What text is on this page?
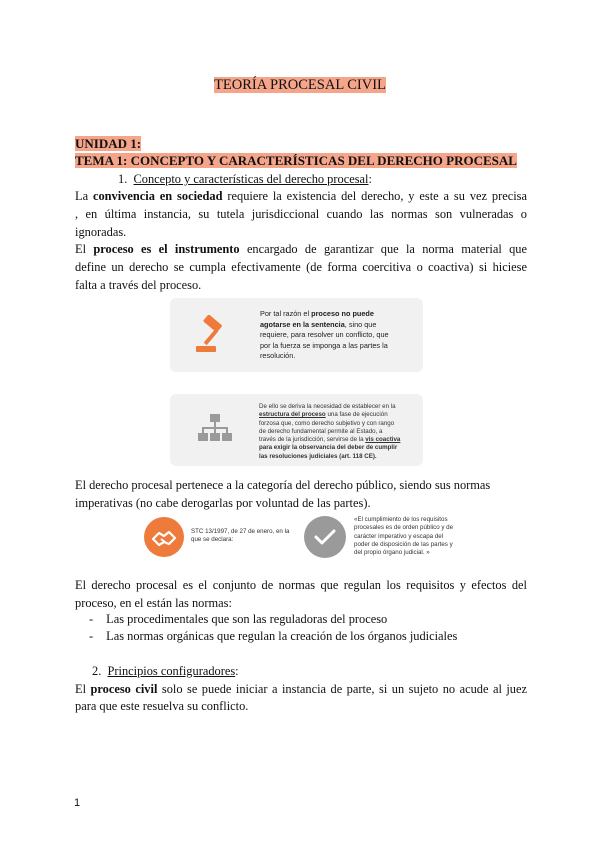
TEORÍA PROCESAL CIVIL
UNIDAD 1:
TEMA 1: CONCEPTO Y CARACTERÍSTICAS DEL DERECHO PROCESAL
1. Concepto y características del derecho procesal:
La convivencia en sociedad requiere la existencia del derecho, y este a su vez precisa
, en última instancia, su tutela jurisdiccional cuando las normas son vulneradas o
ignoradas.
El proceso es el instrumento encargado de garantizar que la norma material que
define un derecho se cumpla efectivamente (de forma coercitiva o coactiva) si hiciese
falta a través del proceso.
Por tal razón el proceso no puede
agotarse en la sentencia, sino que
requiere, para resolver un conflicto, que
por la fuerza se imponga a las partes la
resolución.
De ello se deriva la necesidad de establecer en la
estructura del proceso una fase de ejecución
forzosa que, como derecho subjetivo y con rango
de derecho fundamental permite al Estado, a
través de la jurisdicción, servirse de la vis coactiva
para exigir la observancia del deber de cumplir
las resoluciones judiciales (art. 118 CE).
El derecho procesal pertenece a la categoría del derecho público, siendo sus normas
imperativas (no cabe derogarlas por voluntad de las partes).
STC 13/1997, de 27 de enero, en la
que se declara:
«El cumplimiento de los requisitos
procesales es de orden público y de
carácter imperativo y escapa del
poder de disposición de las partes y
del propio órgano judicial. »
El derecho procesal es el conjunto de normas que regulan los requisitos y efectos del
proceso, en el están las normas:
- Las procedimentales que son las reguladoras del proceso
- Las normas orgánicas que regulan la creación de los órganos judiciales
2. Principios configuradores:
El proceso civil solo se puede iniciar a instancia de parte, si un sujeto no acude al juez
para que este resuelva su conflicto.
1
